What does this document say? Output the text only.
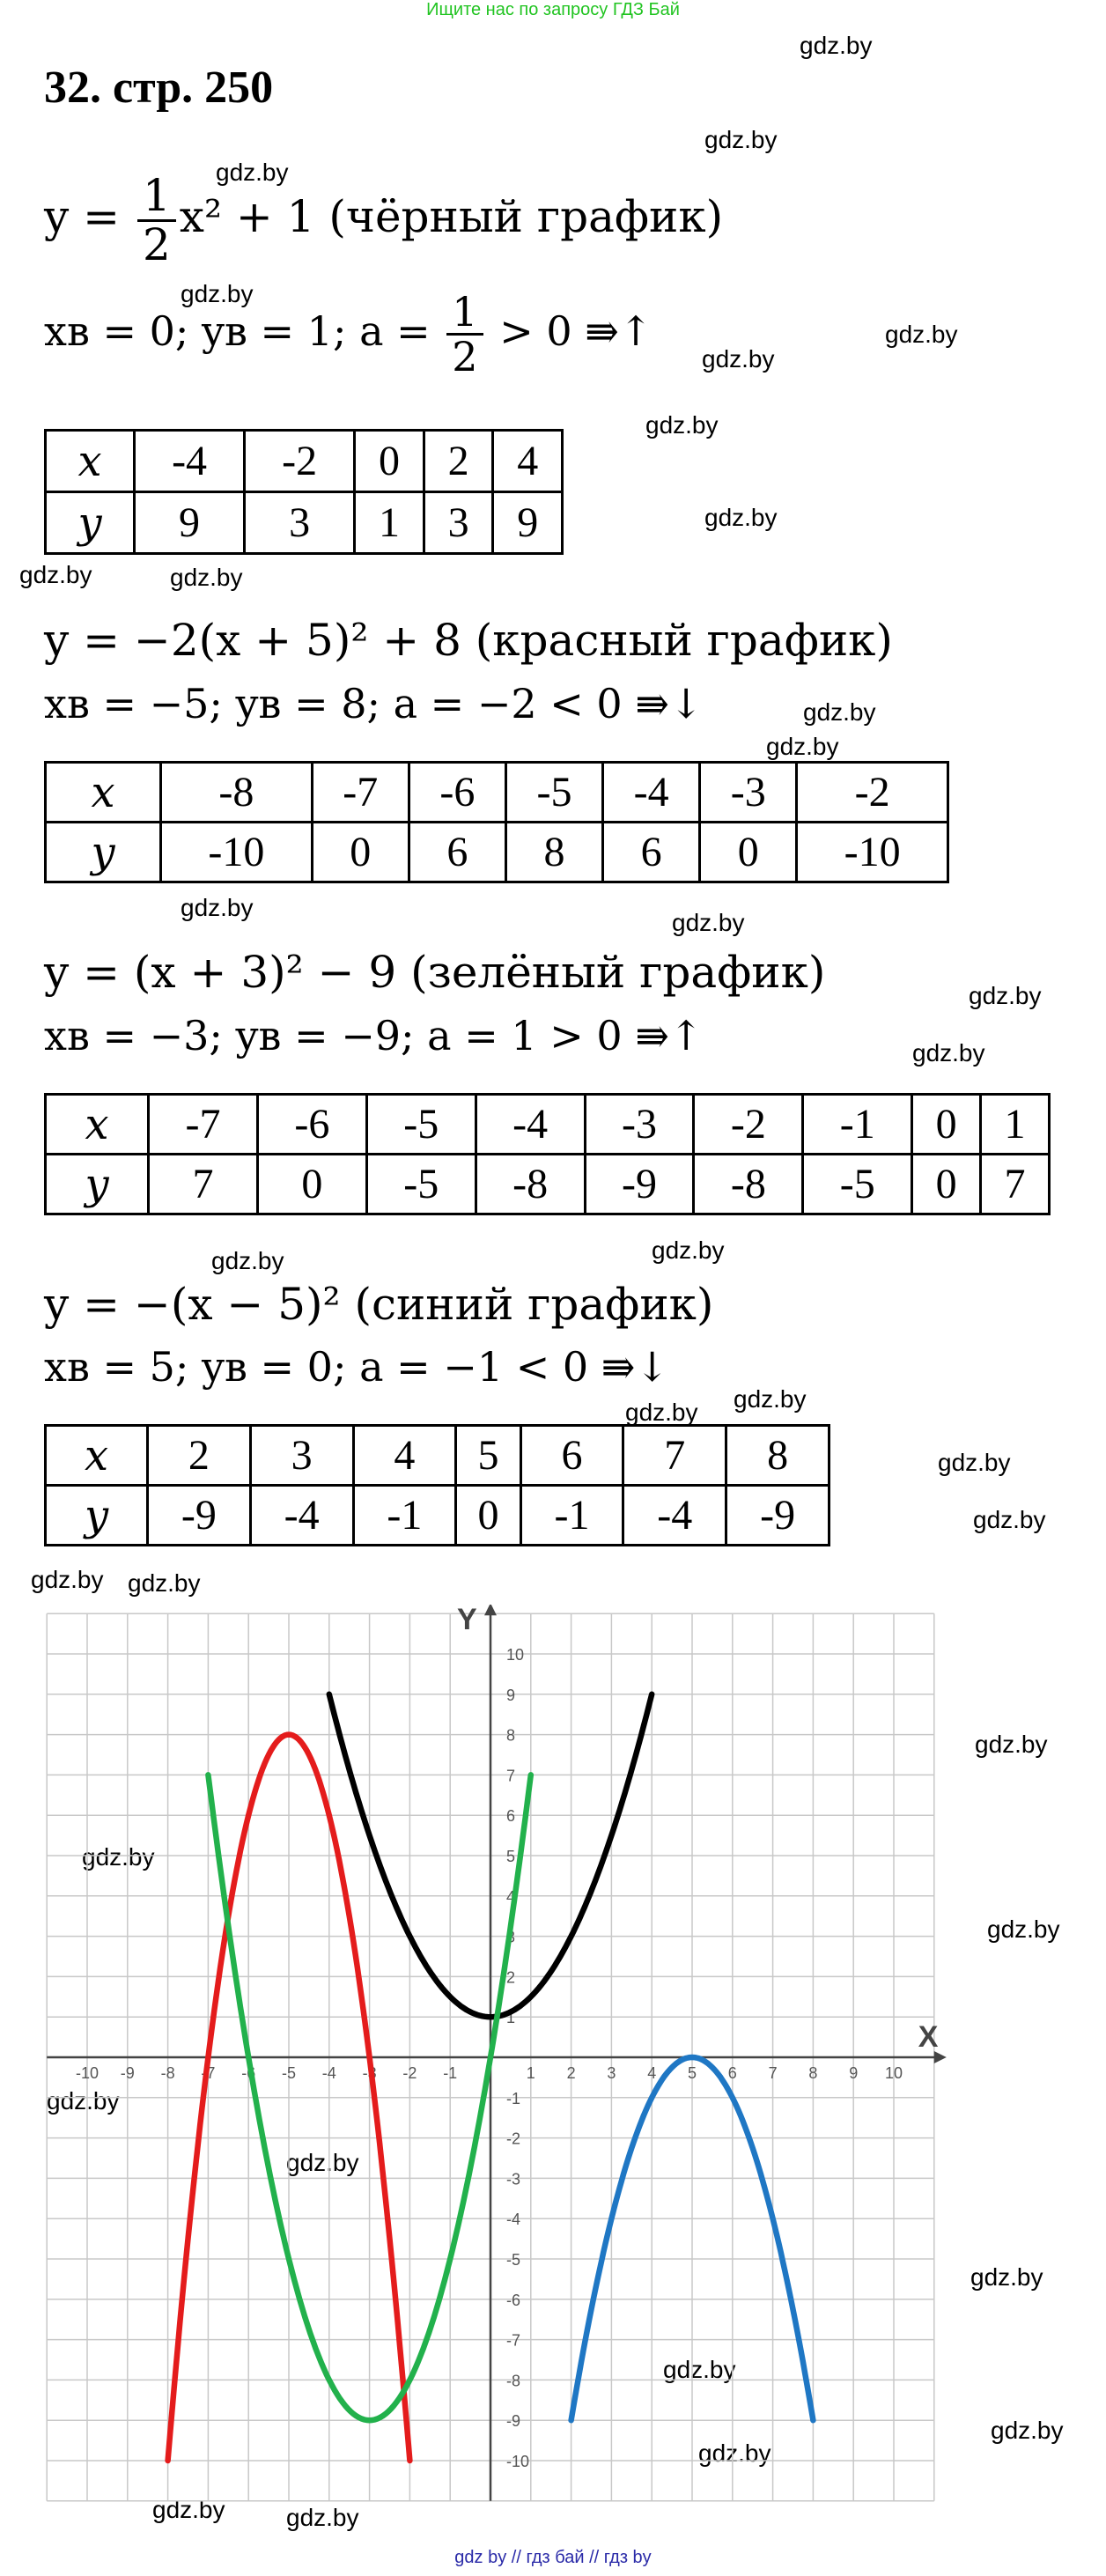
Ищите нас по запросу ГДЗ Бай
32. стр. 250
gdz.by
gdz.by
gdz.by
gdz.by
gdz.by
gdz.by
gdz.by
gdz.by
gdz.by	gdz.by
gdz.by
gdz.by
gdz.by
gdz.by
gdz.by
gdz.by
gdz.by	gdz.by
gdz.by gdz.by
gdz.by
gdz.by
gdz.by gdz.by
gdz.by
gdz.by
gdz.by
gdz.by
gdz.by
gdz.by
gdz.by
gdz.by
gdz.by
gdz.by gdz.by
$y = \frac{1}{2} x^2 + 1$ (чёрный график)
xв = 0; yв = 1; $a = \frac{1}{2} > 0$ ⇛↑
x	-4	-2	0	2	4
y	9	3	1	3	9
y = −2(x + 5)² + 8 (красный график)
xв = −5; yв = 8; a = −2 < 0 ⇛↓
x	-8	-7	-6	-5	-4	-3	-2
y	-10	0	6	8	6	0	-10
y = (x + 3)² − 9 (зелёный график)
xв = −3; yв = −9; a = 1 > 0 ⇛↑
x	-7	-6	-5	-4	-3	-2	-1	0	1
y	7	0	-5	-8	-9	-8	-5	0	7
y = −(x − 5)² (синий график)
xв = 5; yв = 0; a = −1 < 0 ⇛↓
x	2	3	4	5	6	7	8
y	-9	-4	-1	0	-1	-4	-9
X
Y
-10 -9 -8 -7 -6 -5 -4 -3 -2 -1	1 2 3 4 5 6 7 8 9 10
10
9
8
7
6
5
4
3
2
1
-1
-2
-3
-4
-5
-6
-7
-8
-9
-10
gdz by // гдз бай // гдз by
